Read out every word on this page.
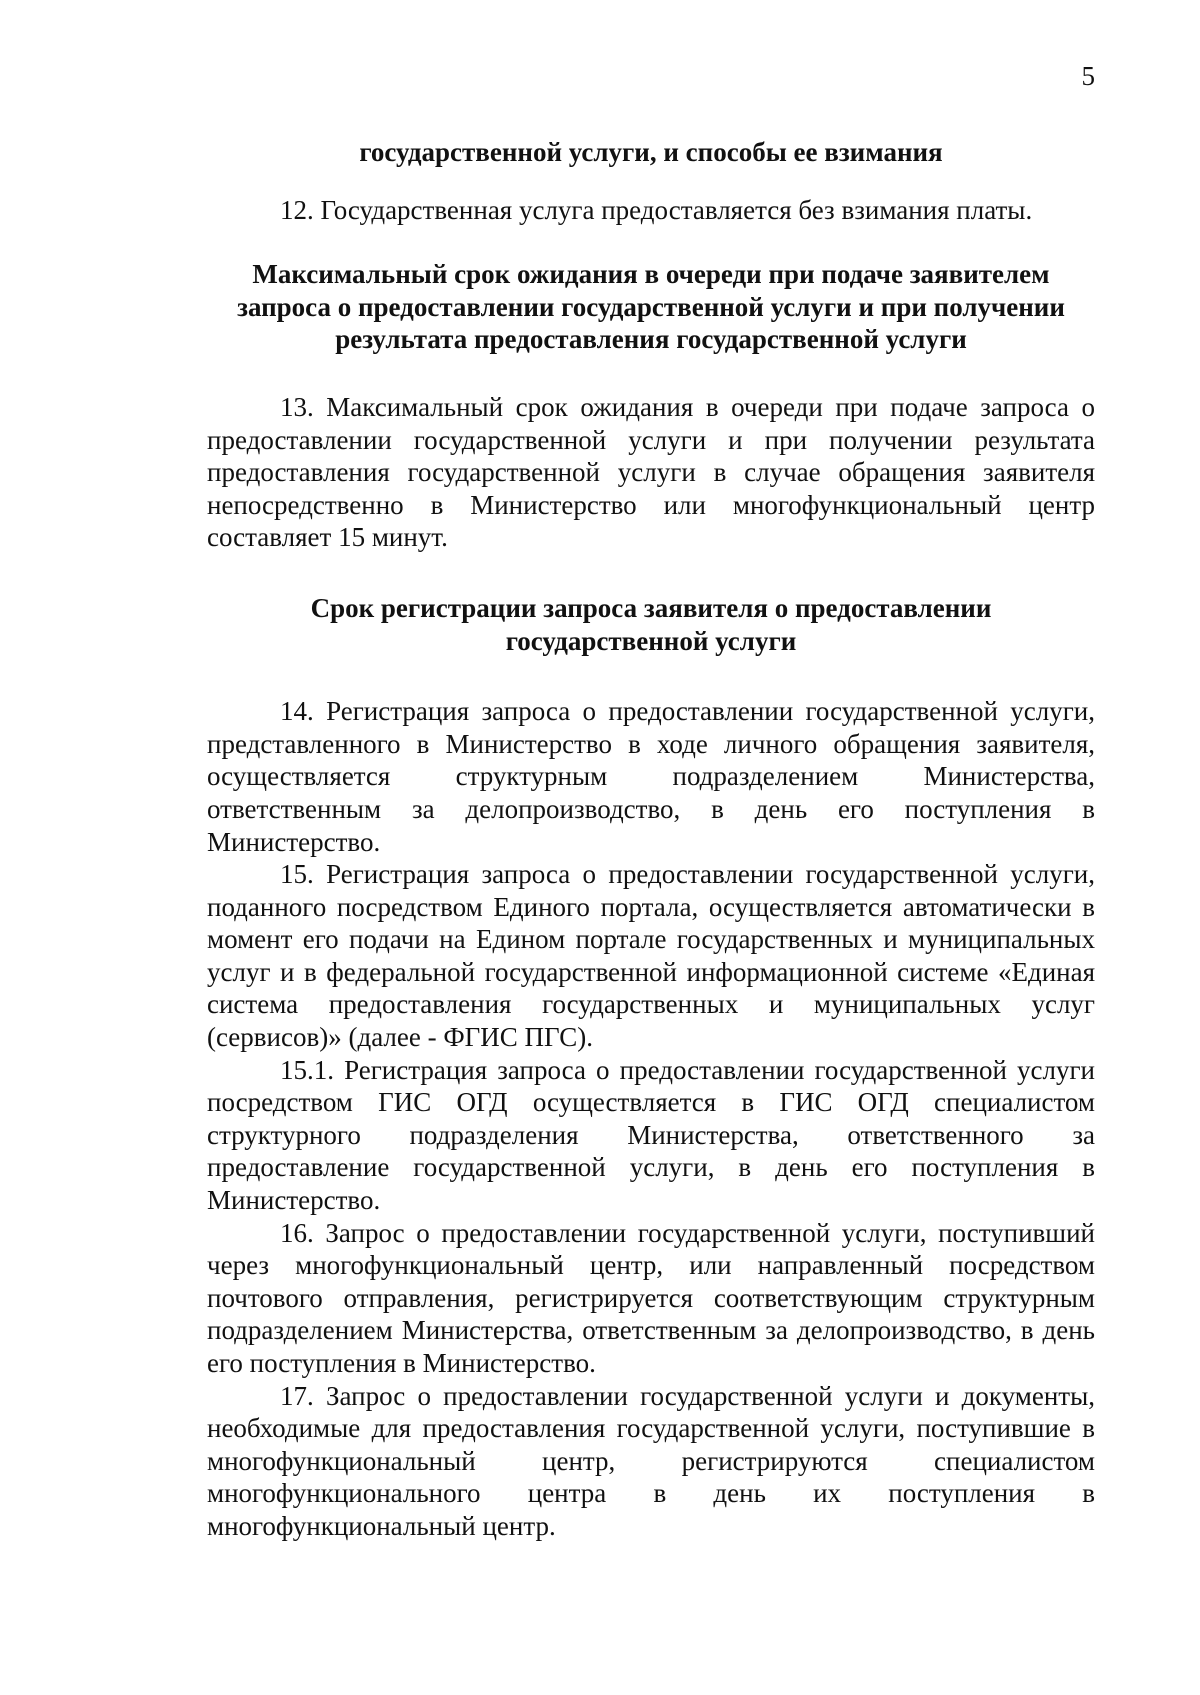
5

государственной услуги, и способы ее взимания

12. Государственная услуга предоставляется без взимания платы.

Максимальный срок ожидания в очереди при подаче заявителем запроса о предоставлении государственной услуги и при получении результата предоставления государственной услуги

13. Максимальный срок ожидания в очереди при подаче запроса о предоставлении государственной услуги и при получении результата предоставления государственной услуги в случае обращения заявителя непосредственно в Министерство или многофункциональный центр составляет 15 минут.

Срок регистрации запроса заявителя о предоставлении государственной услуги

14. Регистрация запроса о предоставлении государственной услуги, представленного в Министерство в ходе личного обращения заявителя, осуществляется структурным подразделением Министерства, ответственным за делопроизводство, в день его поступления в Министерство.

15. Регистрация запроса о предоставлении государственной услуги, поданного посредством Единого портала, осуществляется автоматически в момент его подачи на Едином портале государственных и муниципальных услуг и в федеральной государственной информационной системе «Единая система предоставления государственных и муниципальных услуг (сервисов)» (далее - ФГИС ПГС).

15.1. Регистрация запроса о предоставлении государственной услуги посредством ГИС ОГД осуществляется в ГИС ОГД специалистом структурного подразделения Министерства, ответственного за предоставление государственной услуги, в день его поступления в Министерство.

16. Запрос о предоставлении государственной услуги, поступивший через многофункциональный центр, или направленный посредством почтового отправления, регистрируется соответствующим структурным подразделением Министерства, ответственным за делопроизводство, в день его поступления в Министерство.

17. Запрос о предоставлении государственной услуги и документы, необходимые для предоставления государственной услуги, поступившие в многофункциональный центр, регистрируются специалистом многофункционального центра в день их поступления в многофункциональный центр.
